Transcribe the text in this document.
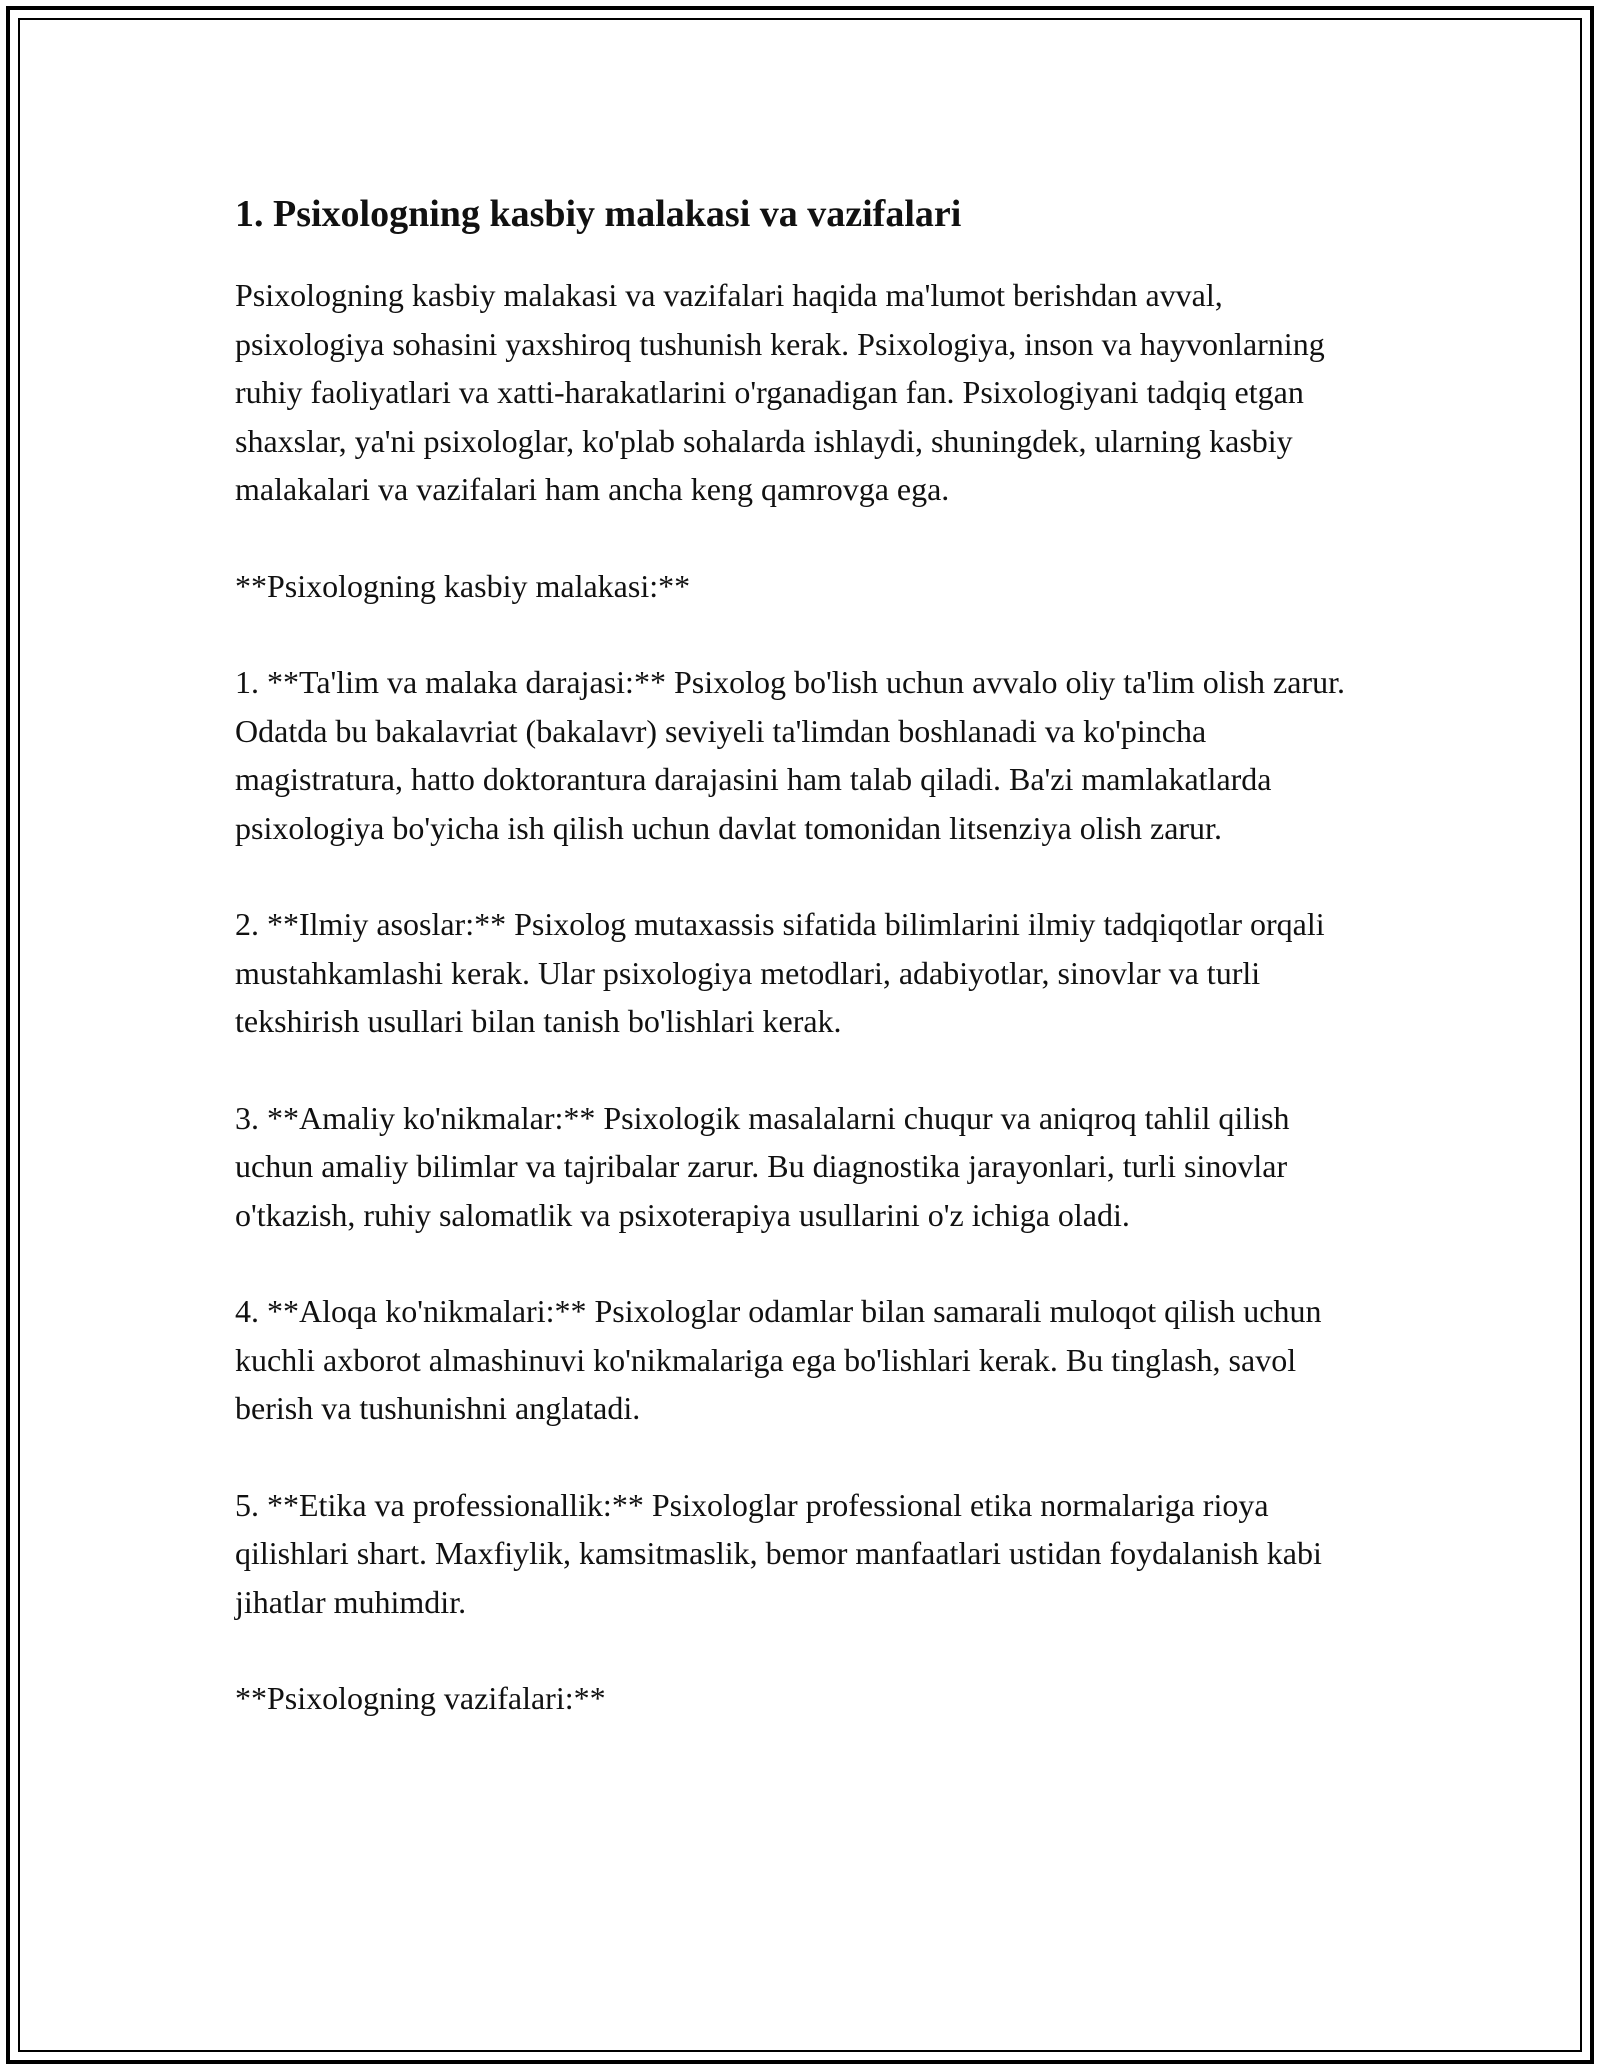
1. Psixologning kasbiy malakasi va vazifalari

Psixologning kasbiy malakasi va vazifalari haqida ma'lumot berishdan avval, psixologiya sohasini yaxshiroq tushunish kerak. Psixologiya, inson va hayvonlarning ruhiy faoliyatlari va xatti-harakatlarini o'rganadigan fan. Psixologiyani tadqiq etgan shaxslar, ya'ni psixologlar, ko'plab sohalarda ishlaydi, shuningdek, ularning kasbiy malakalari va vazifalari ham ancha keng qamrovga ega.

**Psixologning kasbiy malakasi:**

1. **Ta'lim va malaka darajasi:** Psixolog bo'lish uchun avvalo oliy ta'lim olish zarur. Odatda bu bakalavriat (bakalavr) seviyeli ta'limdan boshlanadi va ko'pincha magistratura, hatto doktorantura darajasini ham talab qiladi. Ba'zi mamlakatlarda psixologiya bo'yicha ish qilish uchun davlat tomonidan litsenziya olish zarur.

2. **Ilmiy asoslar:** Psixolog mutaxassis sifatida bilimlarini ilmiy tadqiqotlar orqali mustahkamlashi kerak. Ular psixologiya metodlari, adabiyotlar, sinovlar va turli tekshirish usullari bilan tanish bo'lishlari kerak.

3. **Amaliy ko'nikmalar:** Psixologik masalalarni chuqur va aniqroq tahlil qilish uchun amaliy bilimlar va tajribalar zarur. Bu diagnostika jarayonlari, turli sinovlar o'tkazish, ruhiy salomatlik va psixoterapiya usullarini o'z ichiga oladi.

4. **Aloqa ko'nikmalari:** Psixologlar odamlar bilan samarali muloqot qilish uchun kuchli axborot almashinuvi ko'nikmalariga ega bo'lishlari kerak. Bu tinglash, savol berish va tushunishni anglatadi.

5. **Etika va professionallik:** Psixologlar professional etika normalariga rioya qilishlari shart. Maxfiylik, kamsitmaslik, bemor manfaatlari ustidan foydalanish kabi jihatlar muhimdir.

**Psixologning vazifalari:**
